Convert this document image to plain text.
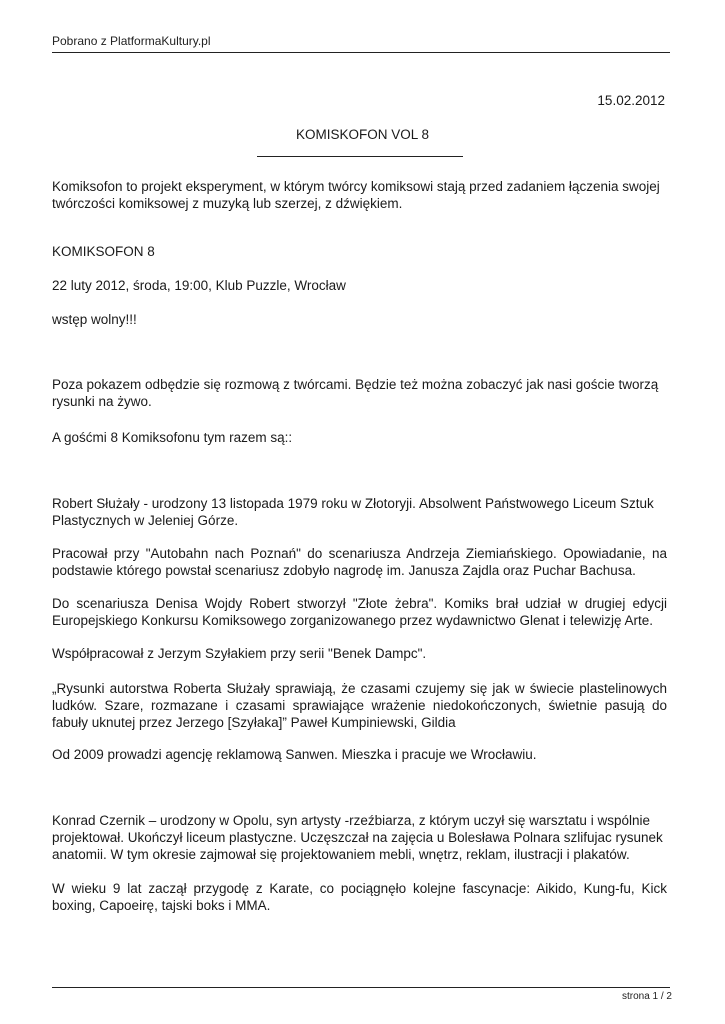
Pobrano z PlatformaKultury.pl
15.02.2012
KOMISKOFON VOL 8

Komiksofon to projekt eksperyment, w którym twórcy komiksowi stają przed zadaniem łączenia swojej twórczości komiksowej z muzyką lub szerzej, z dźwiękiem.

KOMIKSOFON 8

22 luty 2012, środa, 19:00, Klub Puzzle, Wrocław

wstęp wolny!!!

Poza pokazem odbędzie się rozmową z twórcami. Będzie też można zobaczyć jak nasi goście tworzą rysunki na żywo.

A gośćmi 8 Komiksofonu tym razem są::

Robert Służały - urodzony 13 listopada 1979 roku w Złotoryji. Absolwent Państwowego Liceum Sztuk Plastycznych w Jeleniej Górze.

Pracował przy "Autobahn nach Poznań" do scenariusza Andrzeja Ziemiańskiego. Opowiadanie, na podstawie którego powstał scenariusz zdobyło nagrodę im. Janusza Zajdla oraz Puchar Bachusa.

Do scenariusza Denisa Wojdy Robert stworzył "Złote żebra". Komiks brał udział w drugiej edycji Europejskiego Konkursu Komiksowego zorganizowanego przez wydawnictwo Glenat i telewizję Arte.

Współpracował z Jerzym Szyłakiem przy serii "Benek Dampc".

„Rysunki autorstwa Roberta Służały sprawiają, że czasami czujemy się jak w świecie plastelinowych ludków. Szare, rozmazane i czasami sprawiające wrażenie niedokończonych, świetnie pasują do fabuły uknutej przez Jerzego [Szyłaka]” Paweł Kumpiniewski, Gildia

Od 2009 prowadzi agencję reklamową Sanwen. Mieszka i pracuje we Wrocławiu.

Konrad Czernik – urodzony w Opolu, syn artysty -rzeźbiarza, z którym uczył się warsztatu i wspólnie projektował. Ukończył liceum plastyczne. Uczęszczał na zajęcia u Bolesława Polnara szlifujac rysunek anatomii. W tym okresie zajmował się projektowaniem mebli, wnętrz, reklam, ilustracji i plakatów.

W wieku 9 lat zaczął przygodę z Karate, co pociągnęło kolejne fascynacje: Aikido, Kung-fu, Kick boxing, Capoeirę, tajski boks i MMA.

strona 1 / 2
